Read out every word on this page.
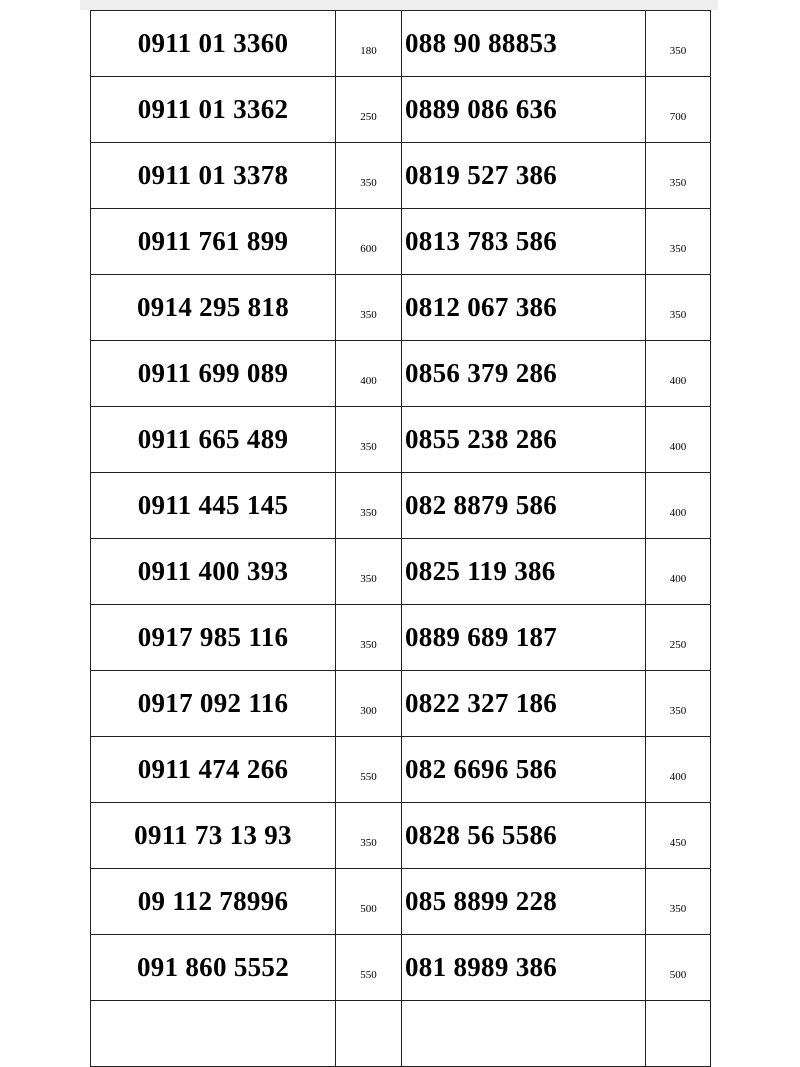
0911 01 3360	180	088 90 88853	350
0911 01 3362	250	0889 086 636	700
0911 01 3378	350	0819 527 386	350
0911 761 899	600	0813 783 586	350
0914 295 818	350	0812 067 386	350
0911 699 089	400	0856 379 286	400
0911 665 489	350	0855 238 286	400
0911 445 145	350	082 8879 586	400
0911 400 393	350	0825 119 386	400
0917 985 116	350	0889 689 187	250
0917 092 116	300	0822 327 186	350
0911 474 266	550	082 6696 586	400
0911 73 13 93	350	0828 56 5586	450
09 112 78996	500	085 8899 228	350
091 860 5552	550	081 8989 386	500
